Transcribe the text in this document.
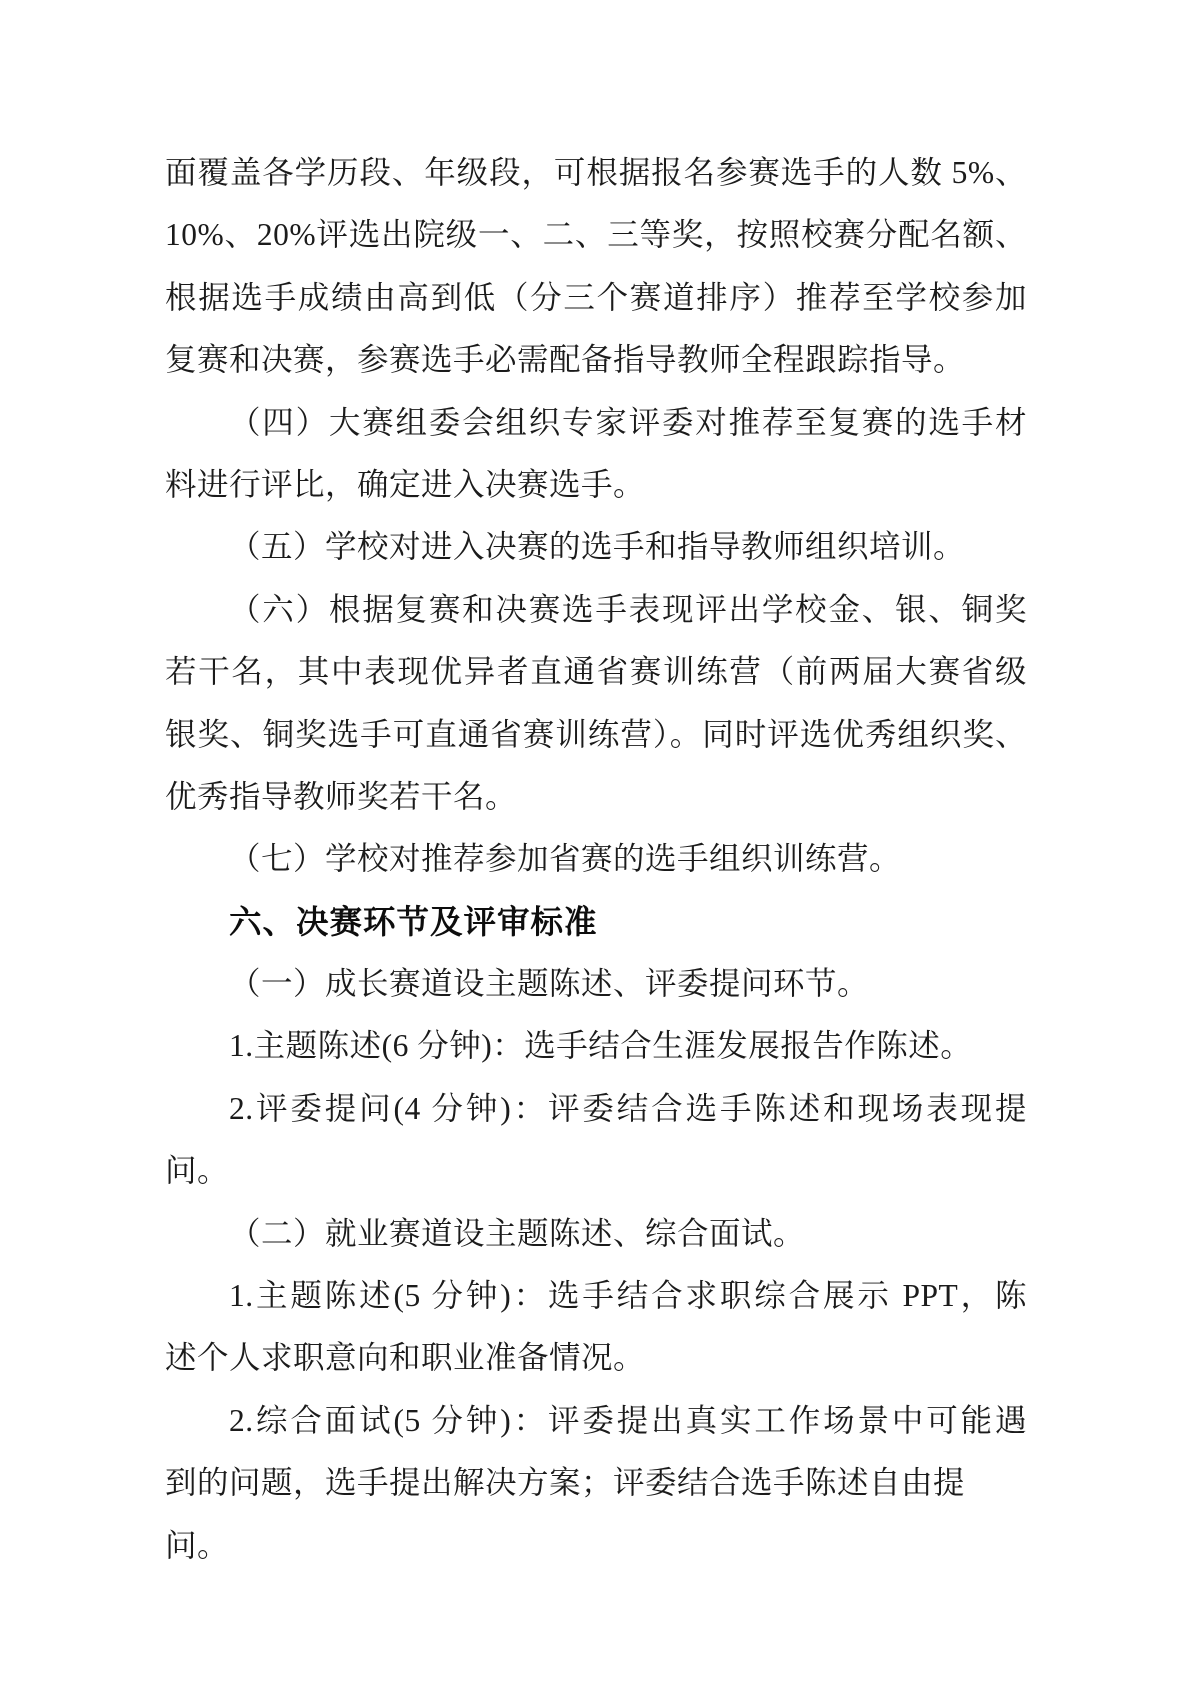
面覆盖各学历段、年级段，可根据报名参赛选手的人数 5%、
10%、20%评选出院级一、二、三等奖，按照校赛分配名额、
根据选手成绩由高到低（分三个赛道排序）推荐至学校参加
复赛和决赛，参赛选手必需配备指导教师全程跟踪指导。
（四）大赛组委会组织专家评委对推荐至复赛的选手材
料进行评比，确定进入决赛选手。
（五）学校对进入决赛的选手和指导教师组织培训。
（六）根据复赛和决赛选手表现评出学校金、银、铜奖
若干名，其中表现优异者直通省赛训练营（前两届大赛省级
银奖、铜奖选手可直通省赛训练营）。同时评选优秀组织奖、
优秀指导教师奖若干名。
（七）学校对推荐参加省赛的选手组织训练营。
六、决赛环节及评审标准
（一）成长赛道设主题陈述、评委提问环节。
1.主题陈述(6 分钟)：选手结合生涯发展报告作陈述。
2.评委提问(4 分钟)：评委结合选手陈述和现场表现提
问。
（二）就业赛道设主题陈述、综合面试。
1.主题陈述(5 分钟)：选手结合求职综合展示 PPT，陈
述个人求职意向和职业准备情况。
2.综合面试(5 分钟)：评委提出真实工作场景中可能遇
到的问题，选手提出解决方案；评委结合选手陈述自由提问。
